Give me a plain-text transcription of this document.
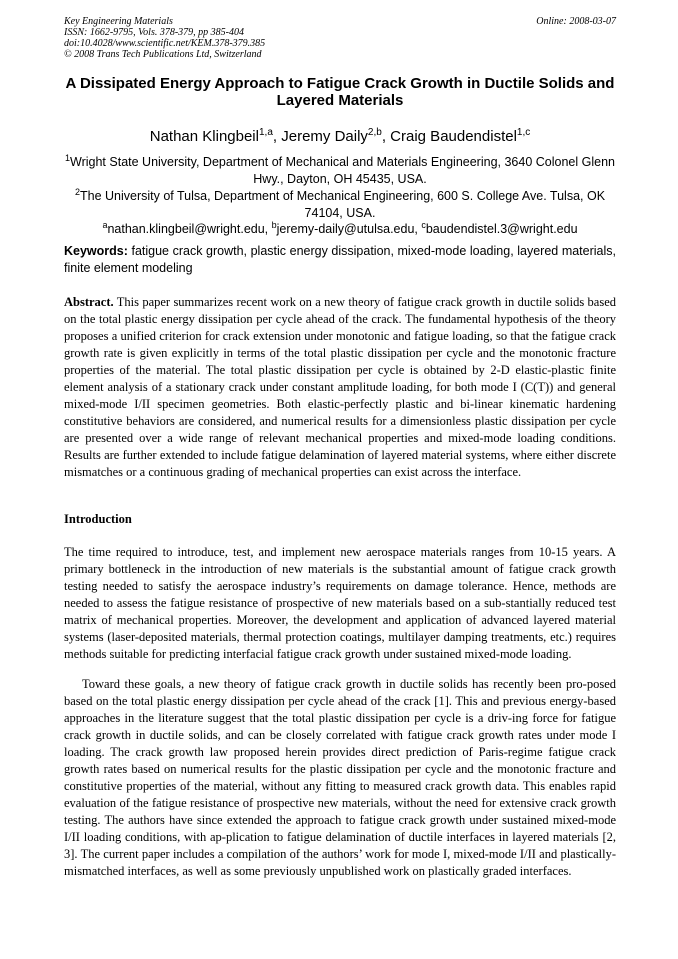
Key Engineering Materials
ISSN: 1662-9795, Vols. 378-379, pp 385-404
doi:10.4028/www.scientific.net/KEM.378-379.385
© 2008 Trans Tech Publications Ltd, Switzerland
Online: 2008-03-07
A Dissipated Energy Approach to Fatigue Crack Growth in Ductile Solids and Layered Materials
Nathan Klingbeil$^{1,a}$, Jeremy Daily$^{2,b}$, Craig Baudendistel$^{1,c}$
$^1$Wright State University, Department of Mechanical and Materials Engineering, 3640 Colonel Glenn Hwy., Dayton, OH 45435, USA.
$^2$The University of Tulsa, Department of Mechanical Engineering, 600 S. College Ave. Tulsa, OK 74104, USA.
$^a$nathan.klingbeil@wright.edu, $^b$jeremy-daily@utulsa.edu, $^c$baudendistel.3@wright.edu
Keywords: fatigue crack growth, plastic energy dissipation, mixed-mode loading, layered materials, finite element modeling
Abstract. This paper summarizes recent work on a new theory of fatigue crack growth in ductile solids based on the total plastic energy dissipation per cycle ahead of the crack. The fundamental hypothesis of the theory proposes a unified criterion for crack extension under monotonic and fatigue loading, so that the fatigue crack growth rate is given explicitly in terms of the total plastic dissipation per cycle and the monotonic fracture properties of the material. The total plastic dissipation per cycle is obtained by 2-D elastic-plastic finite element analysis of a stationary crack under constant amplitude loading, for both mode I (C(T)) and general mixed-mode I/II specimen geometries. Both elastic-perfectly plastic and bi-linear kinematic hardening constitutive behaviors are considered, and numerical results for a dimensionless plastic dissipation per cycle are presented over a wide range of relevant mechanical properties and mixed-mode loading conditions. Results are further extended to include fatigue delamination of layered material systems, where either discrete mismatches or a continuous grading of mechanical properties can exist across the interface.
Introduction
The time required to introduce, test, and implement new aerospace materials ranges from 10-15 years. A primary bottleneck in the introduction of new materials is the substantial amount of fatigue crack growth testing needed to satisfy the aerospace industry’s requirements on damage tolerance. Hence, methods are needed to assess the fatigue resistance of prospective of new materials based on a sub-stantially reduced test matrix of mechanical properties. Moreover, the development and application of advanced layered material systems (laser-deposited materials, thermal protection coatings, multilayer damping treatments, etc.) requires methods suitable for predicting interfacial fatigue crack growth under sustained mixed-mode loading.
Toward these goals, a new theory of fatigue crack growth in ductile solids has recently been pro-posed based on the total plastic energy dissipation per cycle ahead of the crack [1]. This and previous energy-based approaches in the literature suggest that the total plastic dissipation per cycle is a driv-ing force for fatigue crack growth in ductile solids, and can be closely correlated with fatigue crack growth rates under mode I loading. The crack growth law proposed herein provides direct prediction of Paris-regime fatigue crack growth rates based on numerical results for the plastic dissipation per cycle and the monotonic fracture and constitutive properties of the material, without any fitting to measured crack growth data. This enables rapid evaluation of the fatigue resistance of prospective new materials, without the need for extensive crack growth testing. The authors have since extended the approach to fatigue crack growth under sustained mixed-mode I/II loading conditions, with ap-plication to fatigue delamination of ductile interfaces in layered materials [2, 3]. The current paper includes a compilation of the authors’ work for mode I, mixed-mode I/II and plastically-mismatched interfaces, as well as some previously unpublished work on plastically graded interfaces.
